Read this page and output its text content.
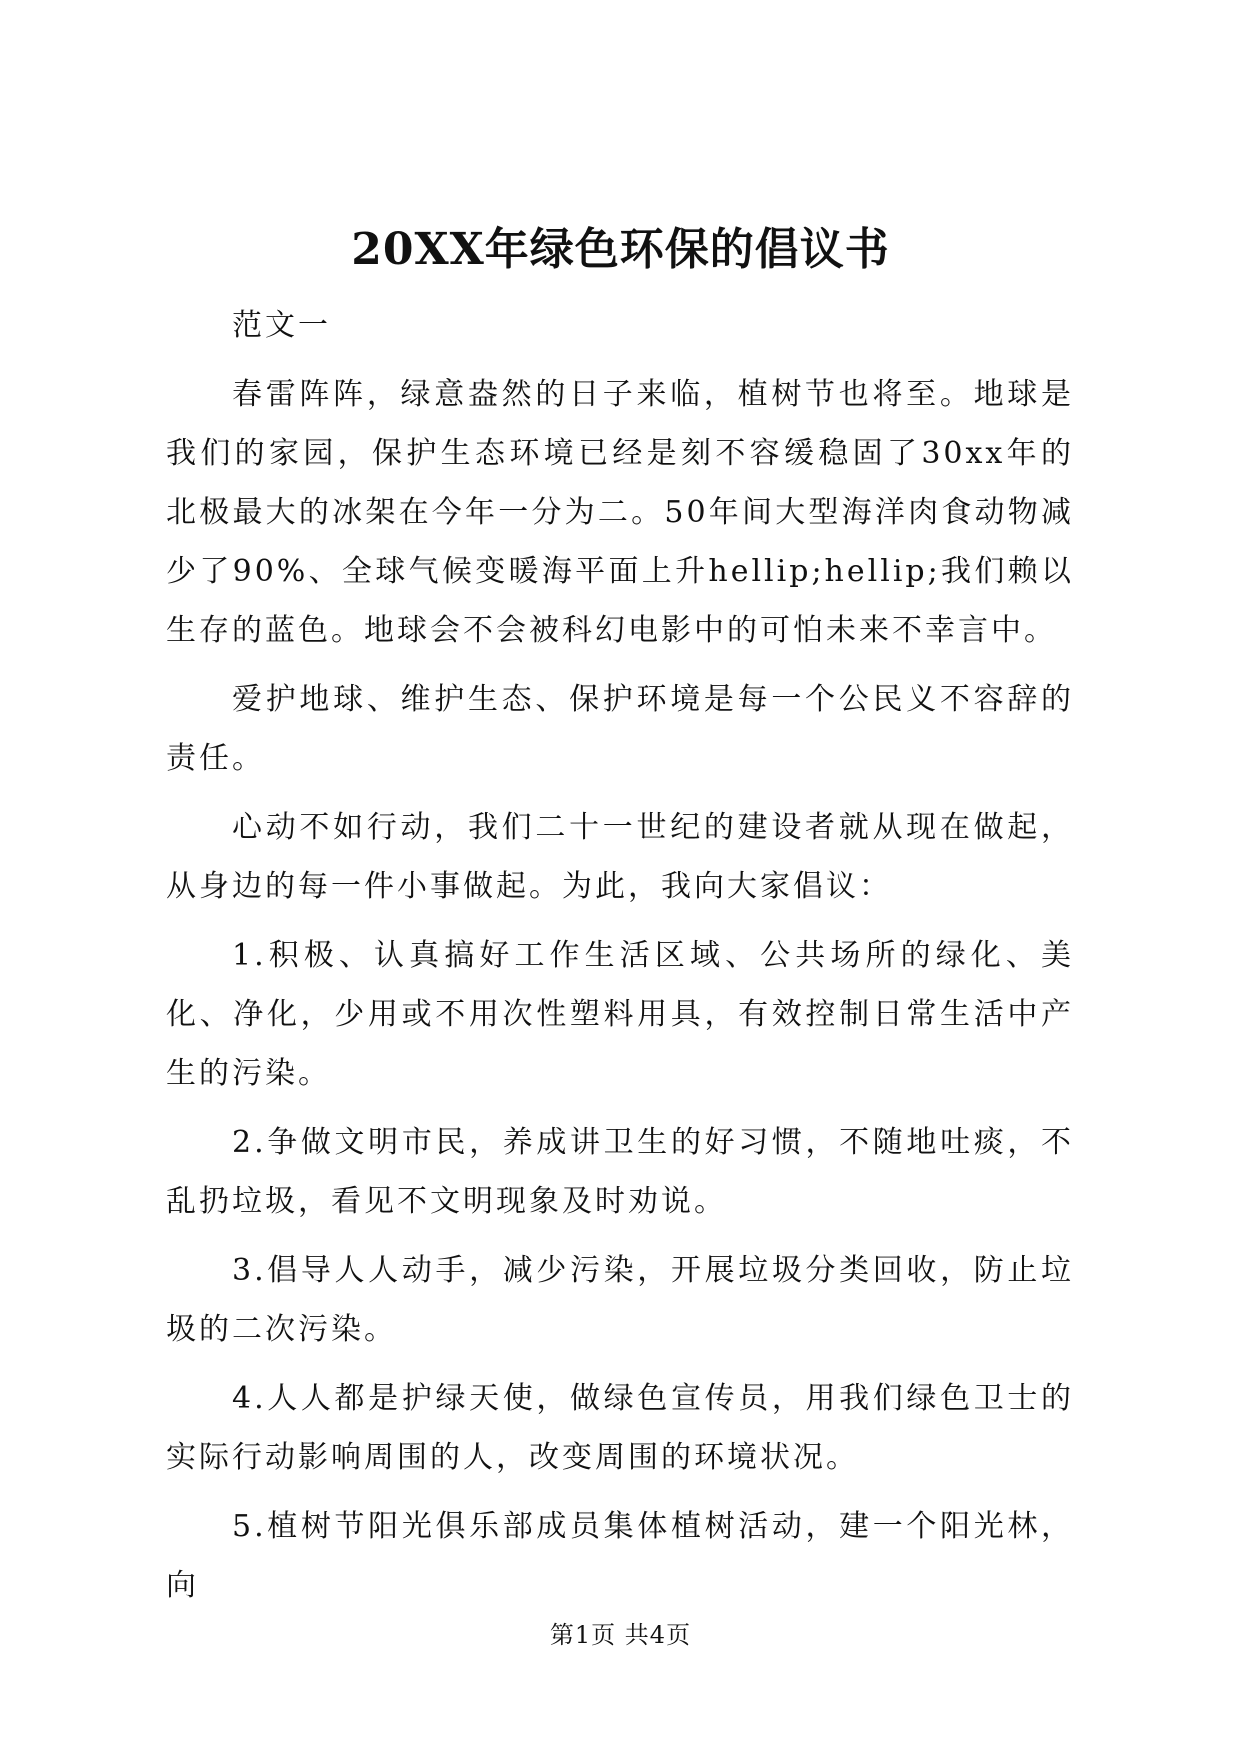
20XX年绿色环保的倡议书

范文一

春雷阵阵，绿意盎然的日子来临，植树节也将至。地球是我们的家园，保护生态环境已经是刻不容缓稳固了30xx年的北极最大的冰架在今年一分为二。50年间大型海洋肉食动物减少了90%、全球气候变暖海平面上升hellip;hellip;我们赖以生存的蓝色。地球会不会被科幻电影中的可怕未来不幸言中。

爱护地球、维护生态、保护环境是每一个公民义不容辞的责任。

心动不如行动，我们二十一世纪的建设者就从现在做起，从身边的每一件小事做起。为此，我向大家倡议：

1.积极、认真搞好工作生活区域、公共场所的绿化、美化、净化，少用或不用次性塑料用具，有效控制日常生活中产生的污染。

2.争做文明市民，养成讲卫生的好习惯，不随地吐痰，不乱扔垃圾，看见不文明现象及时劝说。

3.倡导人人动手，减少污染，开展垃圾分类回收，防止垃圾的二次污染。

4.人人都是护绿天使，做绿色宣传员，用我们绿色卫士的实际行动影响周围的人，改变周围的环境状况。

5.植树节阳光俱乐部成员集体植树活动，建一个阳光林，向

第1页 共4页
